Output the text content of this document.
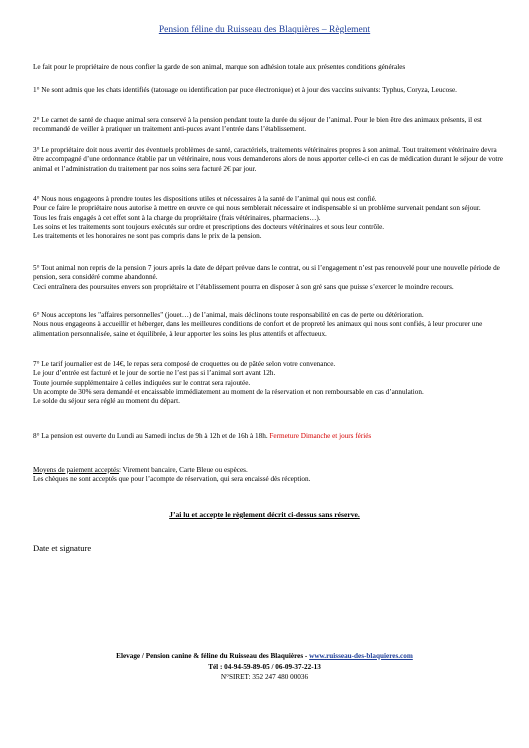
Pension féline du Ruisseau des Blaquières – Règlement
Le fait pour le propriétaire de nous confier la garde de son animal, marque son adhésion totale aux présentes conditions générales

1° Ne sont admis que les chats identifiés (tatouage ou identification par puce électronique) et à jour des vaccins suivants: Typhus, Coryza, Leucose.

2° Le carnet de santé de chaque animal sera conservé à la pension pendant toute la durée du séjour de l’animal. Pour le bien être des animaux présents, il est recommandé de veiller à pratiquer un traitement anti-puces avant l’entrée dans l’établissement.

3° Le propriétaire doit nous avertir des éventuels problèmes de santé, caractériels, traitements vétérinaires propres à son animal. Tout traitement vétérinaire devra être accompagné d’une ordonnance établie par un vétérinaire, nous vous demanderons alors de nous apporter celle-ci en cas de médication durant le séjour de votre animal et l’administration du traitement par nos soins sera facturé 2€ par jour.

4° Nous nous engageons à prendre toutes les dispositions utiles et nécessaires à la santé de l’animal qui nous est confié.

Pour ce faire le propriétaire nous autorise à mettre en œuvre ce qui nous semblerait nécessaire et indispensable si un problème survenait pendant son séjour.

Tous les frais engagés à cet effet sont à la charge du propriétaire (frais vétérinaires, pharmaciens…).

Les soins et les traitements sont toujours exécutés sur ordre et prescriptions des docteurs vétérinaires et sous leur contrôle.

Les traitements et les honoraires ne sont pas compris dans le prix de la pension.

5° Tout animal non repris de la pension 7 jours après la date de départ prévue dans le contrat, ou si l’engagement n’est pas renouvelé pour une nouvelle période de pension, sera considéré comme abandonné.

Ceci entraînera des poursuites envers son propriétaire et l’établissement pourra en disposer à son gré sans que puisse s’exercer le moindre recours.

6° Nous acceptons les "affaires personnelles" (jouet…) de l’animal, mais déclinons toute responsabilité en cas de perte ou détérioration.

Nous nous engageons à accueillir et héberger, dans les meilleures conditions de confort et de propreté les animaux qui nous sont confiés, à leur procurer une alimentation personnalisée, saine et équilibrée, à leur apporter les soins les plus attentifs et affectueux.

7° Le tarif journalier est de 14€, le repas sera composé de croquettes ou de pâtée selon votre convenance.

Le jour d’entrée est facturé et le jour de sortie ne l’est pas si l’animal sort avant 12h.

Toute journée supplémentaire à celles indiquées sur le contrat sera rajoutée.

Un acompte de 30% sera demandé et encaissable immédiatement au moment de la réservation et non remboursable en cas d’annulation.

Le solde du séjour sera réglé au moment du départ.

8° La pension est ouverte du Lundi au Samedi inclus de 9h à 12h et de 16h à 18h. Fermeture Dimanche et jours fériés

Moyens de paiement acceptés: Virement bancaire, Carte Bleue ou espèces.

Les chèques ne sont acceptés que pour l’acompte de réservation, qui sera encaissé dès réception.

J’ai lu et accepte le règlement décrit ci-dessus sans réserve.
Date et signature
Elevage / Pension canine & féline du Ruisseau des Blaquières - www.ruisseau-des-blaquieres.com
Tél : 04-94-59-89-05 / 06-09-37-22-13
N°SIRET: 352 247 480 00036
